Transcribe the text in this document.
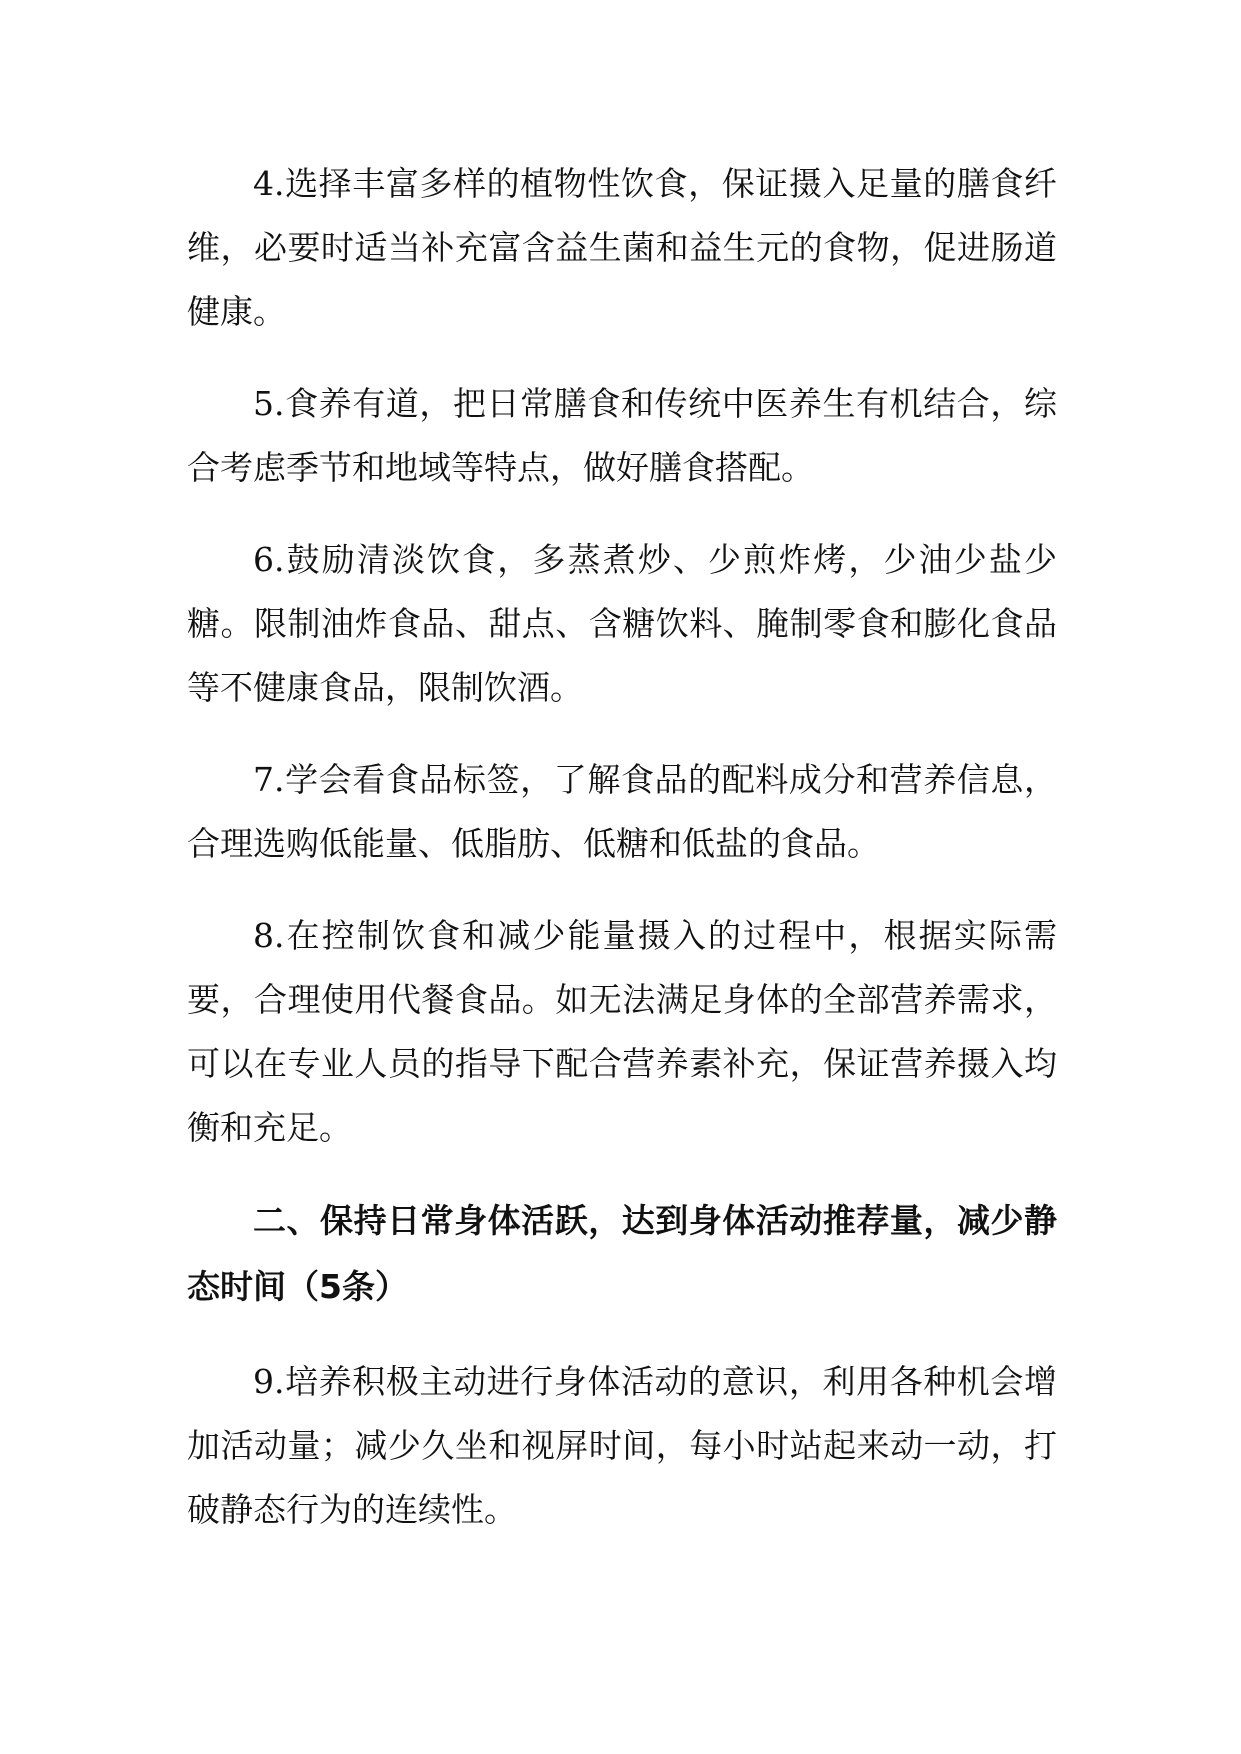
4.选择丰富多样的植物性饮食，保证摄入足量的膳食纤维，必要时适当补充富含益生菌和益生元的食物，促进肠道健康。

5.食养有道，把日常膳食和传统中医养生有机结合，综合考虑季节和地域等特点，做好膳食搭配。

6.鼓励清淡饮食，多蒸煮炒、少煎炸烤，少油少盐少糖。限制油炸食品、甜点、含糖饮料、腌制零食和膨化食品等不健康食品，限制饮酒。

7.学会看食品标签，了解食品的配料成分和营养信息，合理选购低能量、低脂肪、低糖和低盐的食品。

8.在控制饮食和减少能量摄入的过程中，根据实际需要，合理使用代餐食品。如无法满足身体的全部营养需求，可以在专业人员的指导下配合营养素补充，保证营养摄入均衡和充足。

二、保持日常身体活跃，达到身体活动推荐量，减少静态时间（5条）

9.培养积极主动进行身体活动的意识，利用各种机会增加活动量；减少久坐和视屏时间，每小时站起来动一动，打破静态行为的连续性。
